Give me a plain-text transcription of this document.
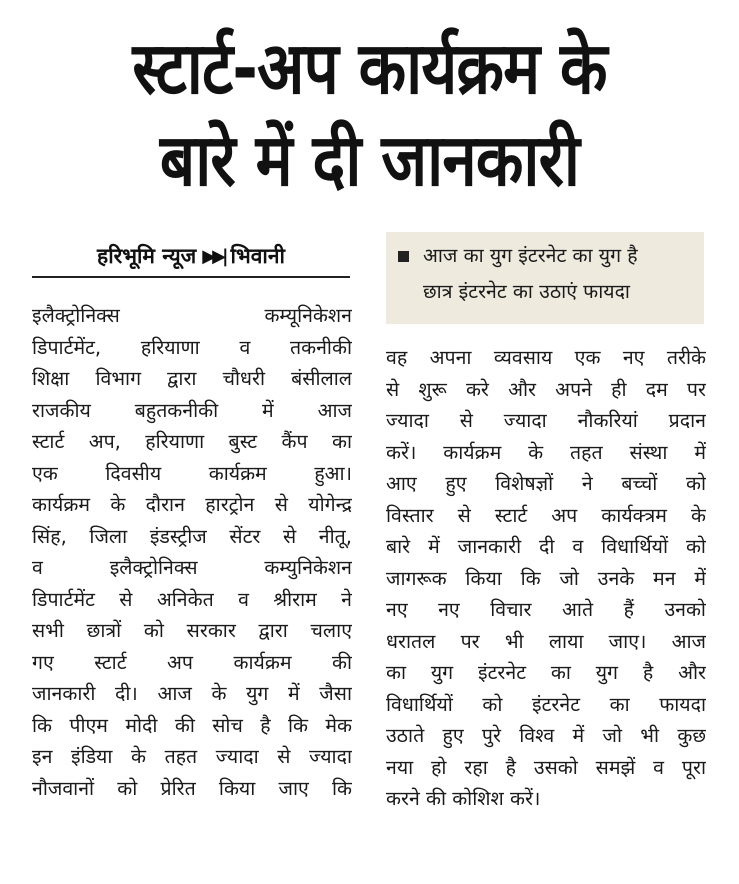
स्टार्ट-अप कार्यक्रम के
बारे में दी जानकारी
हरिभूमि न्यूज ▶▶| भिवानी	आज का युग इंटरनेट का युग है
छात्र इंटरनेट का उठाएं फायदा
इलैक्ट्रोनिक्स कम्यूनिकेशन
डिपार्टमेंट, हरियाणा व तकनीकी
शिक्षा विभाग द्वारा चौधरी बंसीलाल
राजकीय बहुतकनीकी में आज
स्टार्ट अप, हरियाणा बुस्ट कैंप का
एक दिवसीय कार्यक्रम हुआ।
कार्यक्रम के दौरान हारट्रोन से योगेन्द्र
सिंह, जिला इंडस्ट्रीज सेंटर से नीतू,
व इलैक्ट्रोनिक्स कम्युनिकेशन
डिपार्टमेंट से अनिकेत व श्रीराम ने
सभी छात्रों को सरकार द्वारा चलाए
गए स्टार्ट अप कार्यक्रम की
जानकारी दी। आज के युग में जैसा
कि पीएम मोदी की सोच है कि मेक
इन इंडिया के तहत ज्यादा से ज्यादा
नौजवानों को प्रेरित किया जाए कि
वह अपना व्यवसाय एक नए तरीके
से शुरू करे और अपने ही दम पर
ज्यादा से ज्यादा नौकरियां प्रदान
करें। कार्यक्रम के तहत संस्था में
आए हुए विशेषज्ञों ने बच्चों को
विस्तार से स्टार्ट अप कार्यक्त्रम के
बारे में जानकारी दी व विधार्थियों को
जागरूक किया कि जो उनके मन में
नए नए विचार आते हैं उनको
धरातल पर भी लाया जाए। आज
का युग इंटरनेट का युग है और
विधार्थियों को इंटरनेट का फायदा
उठाते हुए पुरे विश्व में जो भी कुछ
नया हो रहा है उसको समझें व पूरा
करने की कोशिश करें।
